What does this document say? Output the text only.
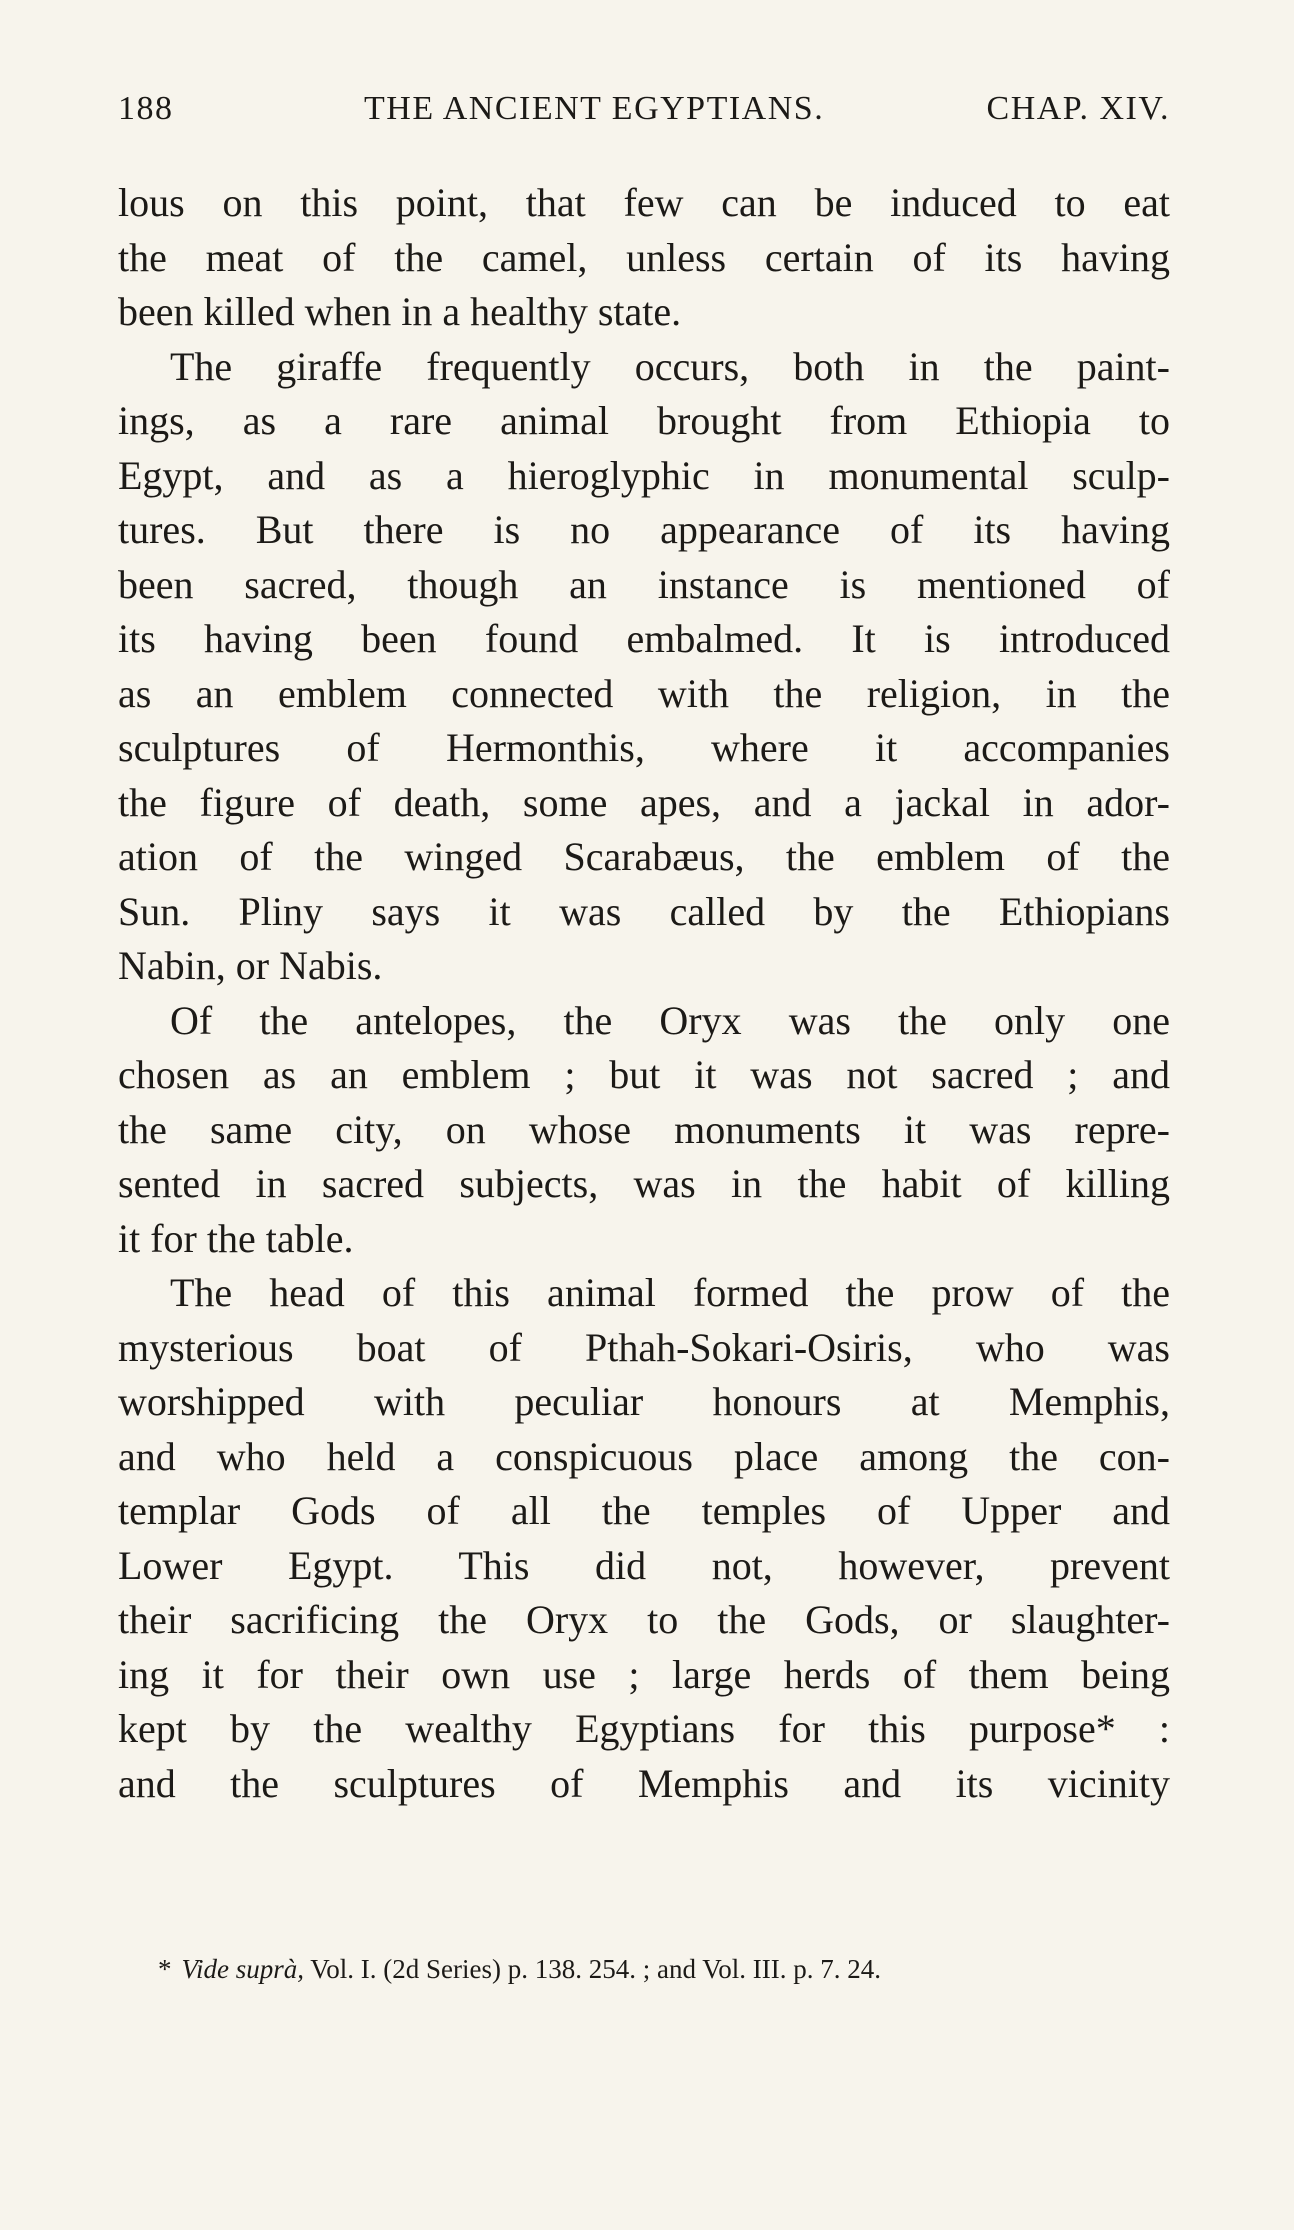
188	THE ANCIENT EGYPTIANS.	CHAP. XIV.
lous on this point, that few can be induced to eat
the meat of the camel, unless certain of its having
been killed when in a healthy state.
The giraffe frequently occurs, both in the paint-
ings, as a rare animal brought from Ethiopia to
Egypt, and as a hieroglyphic in monumental sculp-
tures. But there is no appearance of its having
been sacred, though an instance is mentioned of
its having been found embalmed. It is introduced
as an emblem connected with the religion, in the
sculptures of Hermonthis, where it accompanies
the figure of death, some apes, and a jackal in ador-
ation of the winged Scarabæus, the emblem of the
Sun. Pliny says it was called by the Ethiopians
Nabin, or Nabis.
Of the antelopes, the Oryx was the only one
chosen as an emblem ; but it was not sacred ; and
the same city, on whose monuments it was repre-
sented in sacred subjects, was in the habit of killing
it for the table.
The head of this animal formed the prow of the
mysterious boat of Pthah-Sokari-Osiris, who was
worshipped with peculiar honours at Memphis,
and who held a conspicuous place among the con-
templar Gods of all the temples of Upper and
Lower Egypt. This did not, however, prevent
their sacrificing the Oryx to the Gods, or slaughter-
ing it for their own use ; large herds of them being
kept by the wealthy Egyptians for this purpose* :
and the sculptures of Memphis and its vicinity
* Vide suprà, Vol. I. (2d Series) p. 138. 254. ; and Vol. III. p. 7. 24.
